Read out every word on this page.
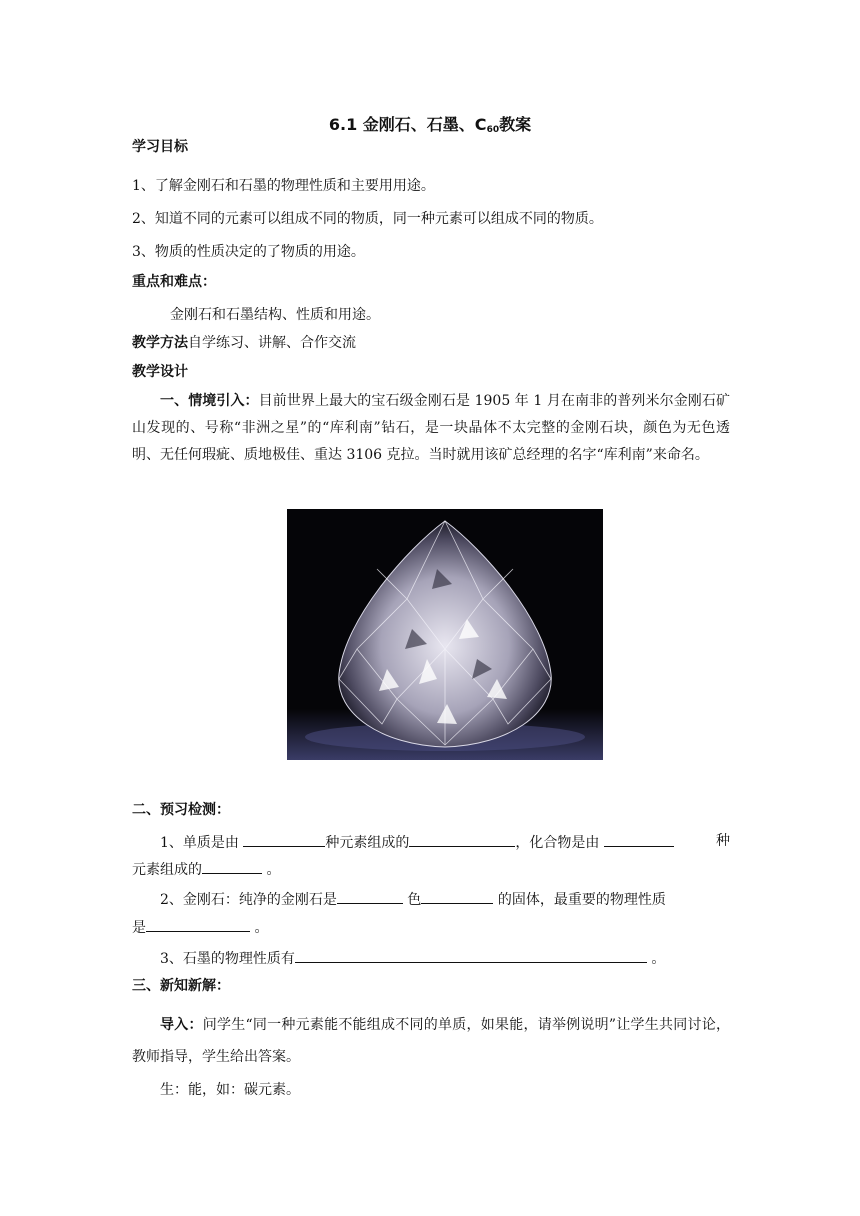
6.1 金刚石、石墨、$C_{60}$教案
学习目标
1、了解金刚石和石墨的物理性质和主要用用途。
2、知道不同的元素可以组成不同的物质，同一种元素可以组成不同的物质。
3、物质的性质决定的了物质的用途。
重点和难点：
金刚石和石墨结构、性质和用途。
教学方法自学练习、讲解、合作交流
教学设计
一、情境引入：目前世界上最大的宝石级金刚石是 1905 年 1 月在南非的普列米尔金刚石矿山发现的、号称“非洲之星”的“库利南”钻石，是一块晶体不太完整的金刚石块，颜色为无色透明、无任何瑕疵、质地极佳、重达 3106 克拉。当时就用该矿总经理的名字“库利南”来命名。
二、预习检测：
1、单质是由	种元素组成的	，化合物是由	种
元素组成的	。
2、金刚石：纯净的金刚石是	色	的固体，最重要的物理性质
是	。
3、石墨的物理性质有	。
三、新知新解：
导入：问学生“同一种元素能不能组成不同的单质，如果能，请举例说明”让学生共同讨论，教师指导，学生给出答案。
生：能，如：碳元素。
